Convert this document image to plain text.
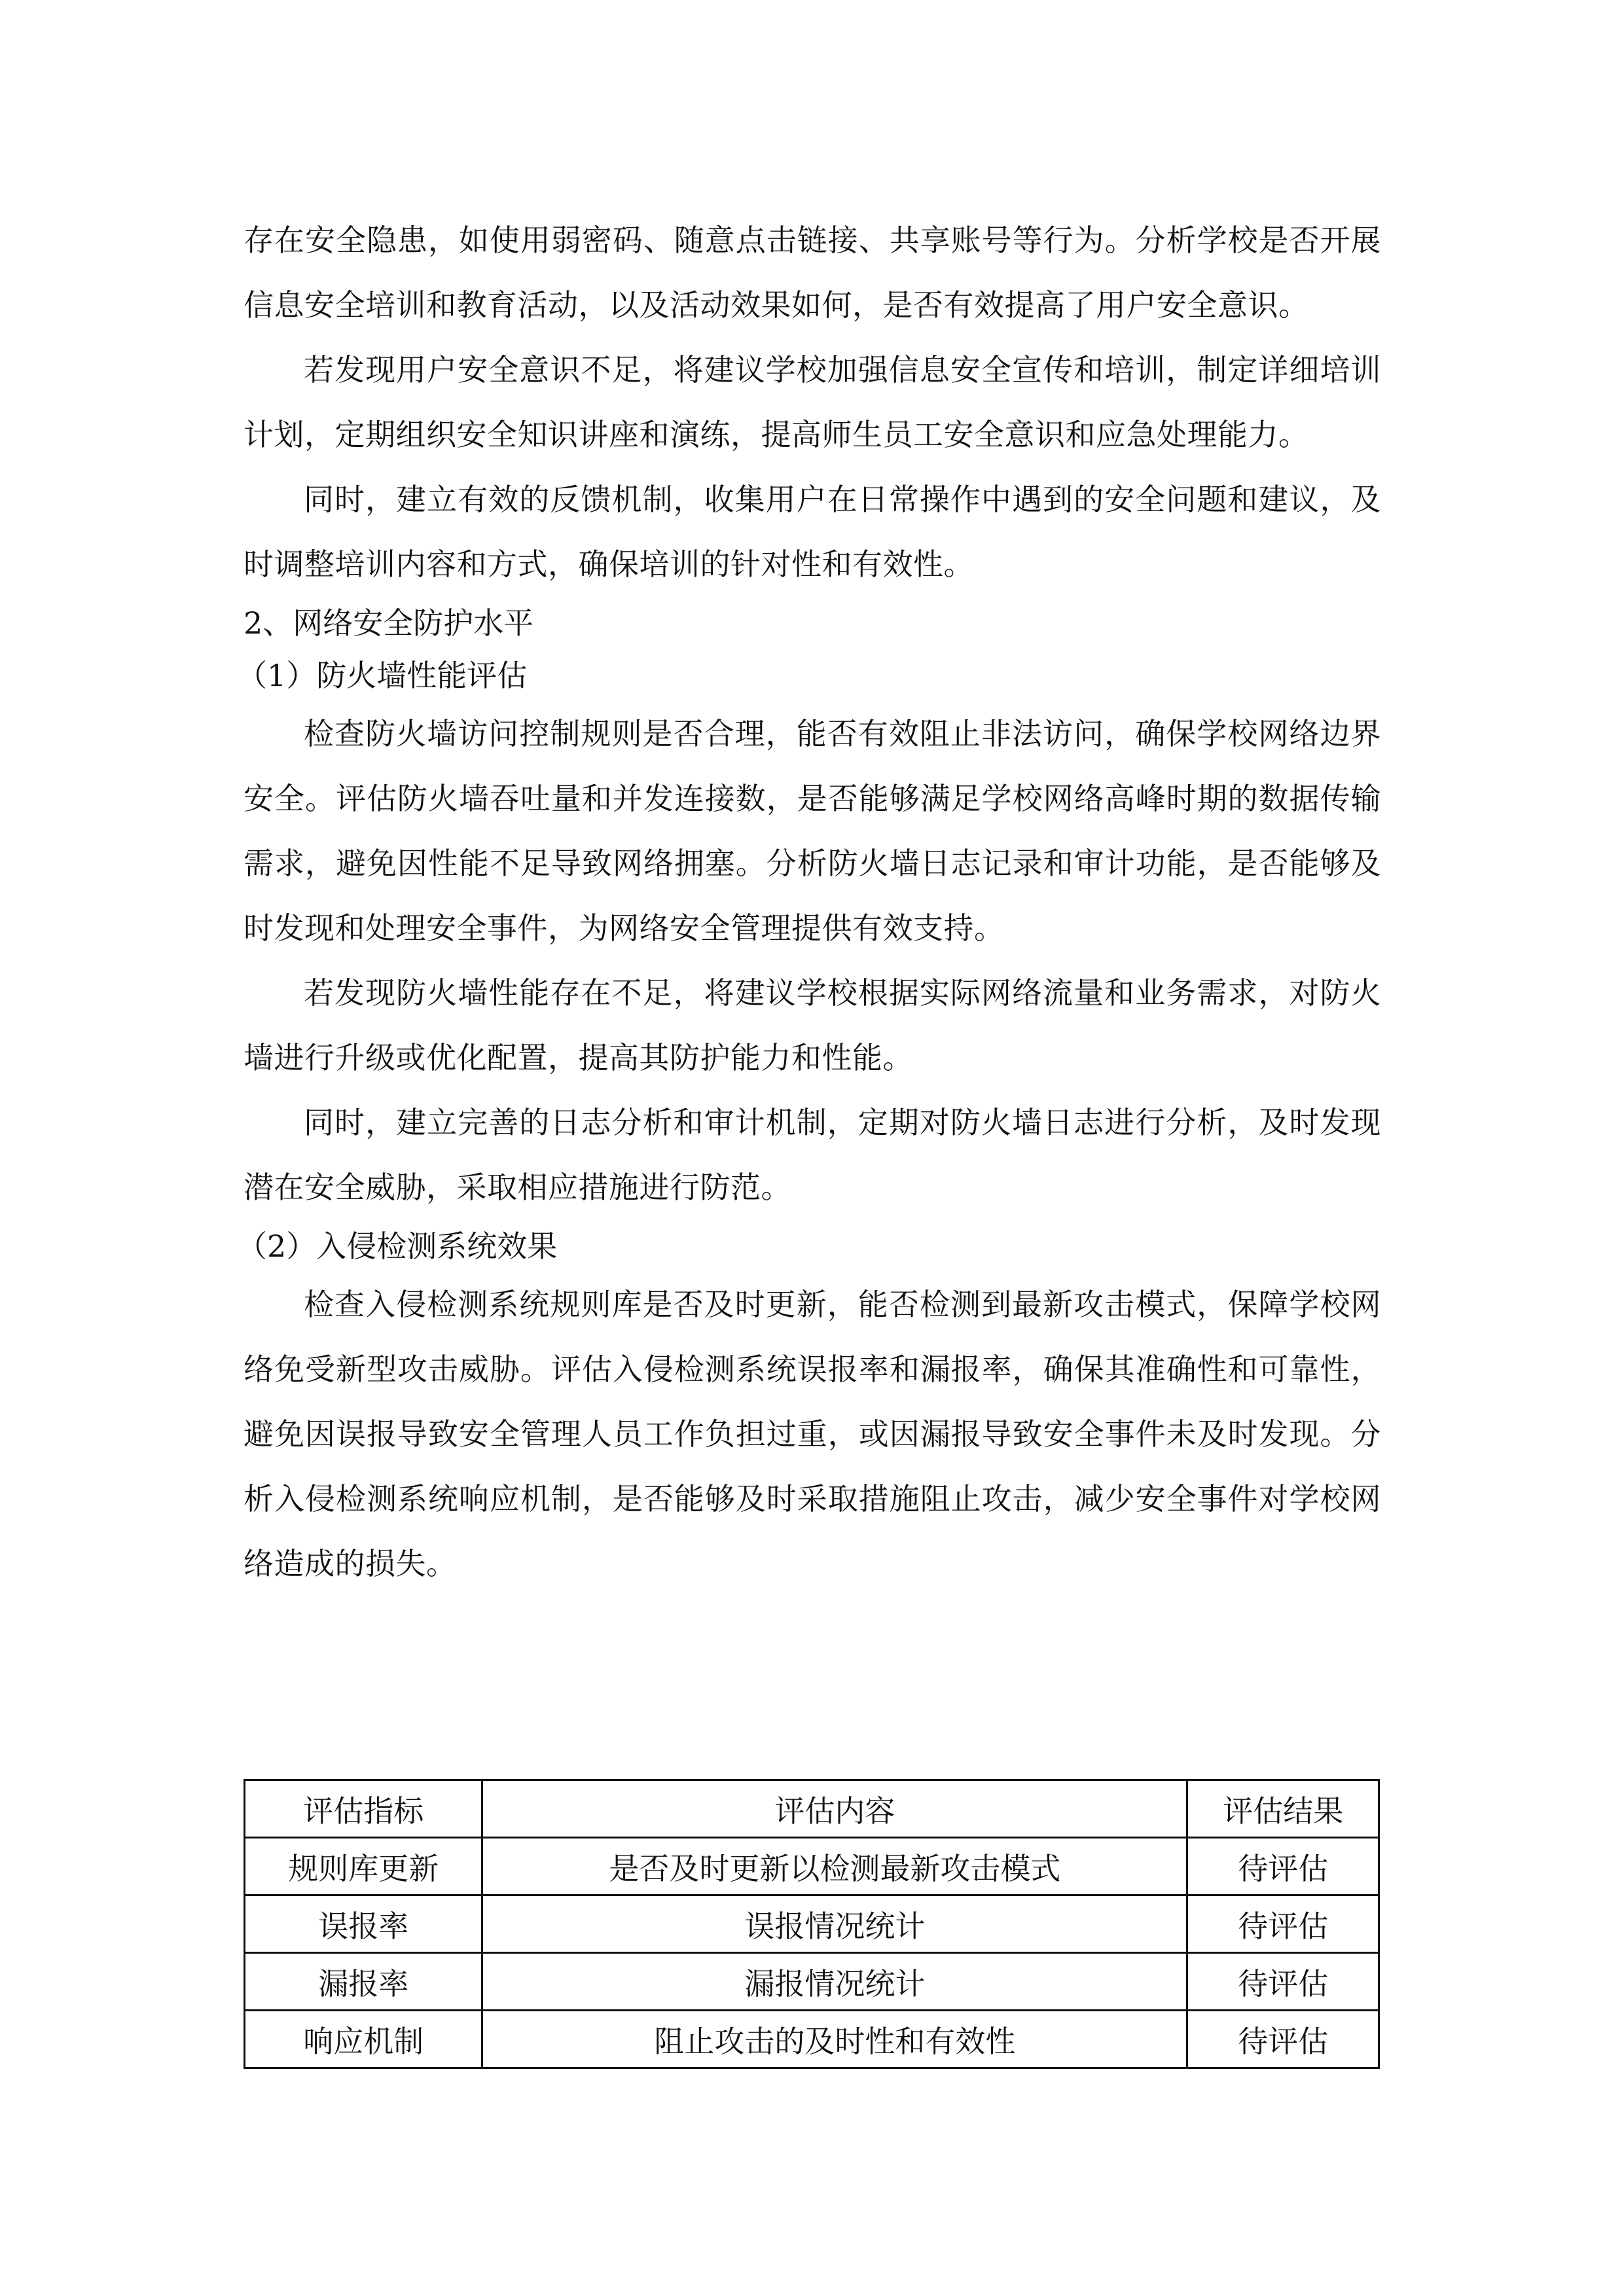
存在安全隐患，如使用弱密码、随意点击链接、共享账号等行为。分析学校是否开展信息安全培训和教育活动，以及活动效果如何，是否有效提高了用户安全意识。

若发现用户安全意识不足，将建议学校加强信息安全宣传和培训，制定详细培训计划，定期组织安全知识讲座和演练，提高师生员工安全意识和应急处理能力。

同时，建立有效的反馈机制，收集用户在日常操作中遇到的安全问题和建议，及时调整培训内容和方式，确保培训的针对性和有效性。

2、网络安全防护水平

（1）防火墙性能评估

检查防火墙访问控制规则是否合理，能否有效阻止非法访问，确保学校网络边界安全。评估防火墙吞吐量和并发连接数，是否能够满足学校网络高峰时期的数据传输需求，避免因性能不足导致网络拥塞。分析防火墙日志记录和审计功能，是否能够及时发现和处理安全事件，为网络安全管理提供有效支持。

若发现防火墙性能存在不足，将建议学校根据实际网络流量和业务需求，对防火墙进行升级或优化配置，提高其防护能力和性能。

同时，建立完善的日志分析和审计机制，定期对防火墙日志进行分析，及时发现潜在安全威胁，采取相应措施进行防范。

（2）入侵检测系统效果

检查入侵检测系统规则库是否及时更新，能否检测到最新攻击模式，保障学校网络免受新型攻击威胁。评估入侵检测系统误报率和漏报率，确保其准确性和可靠性，避免因误报导致安全管理人员工作负担过重，或因漏报导致安全事件未及时发现。分析入侵检测系统响应机制，是否能够及时采取措施阻止攻击，减少安全事件对学校网络造成的损失。

评估指标	评估内容	评估结果
规则库更新	是否及时更新以检测最新攻击模式	待评估
误报率	误报情况统计	待评估
漏报率	漏报情况统计	待评估
响应机制	阻止攻击的及时性和有效性	待评估
